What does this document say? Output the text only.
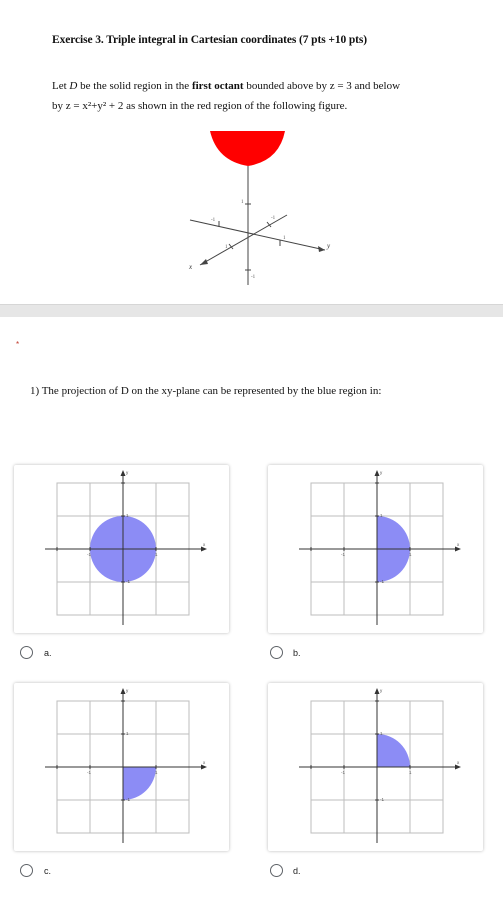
Exercise 3. Triple integral in Cartesian coordinates (7 pts +10 pts)
Let D be the solid region in the first octant bounded above by z = 3 and below
by z = x²+y² + 2 as shown in the red region of the following figure.
1
-1
1
-1
1
-1
y
x
*
1) The projection of D on the xy-plane can be represented by the blue region in:
1
-1
1
-1
x
y
a.
1
-1
1
-1
x
y
b.
1
-1
1
-1
x
y
c.
1
-1
1
-1
x
y
d.
